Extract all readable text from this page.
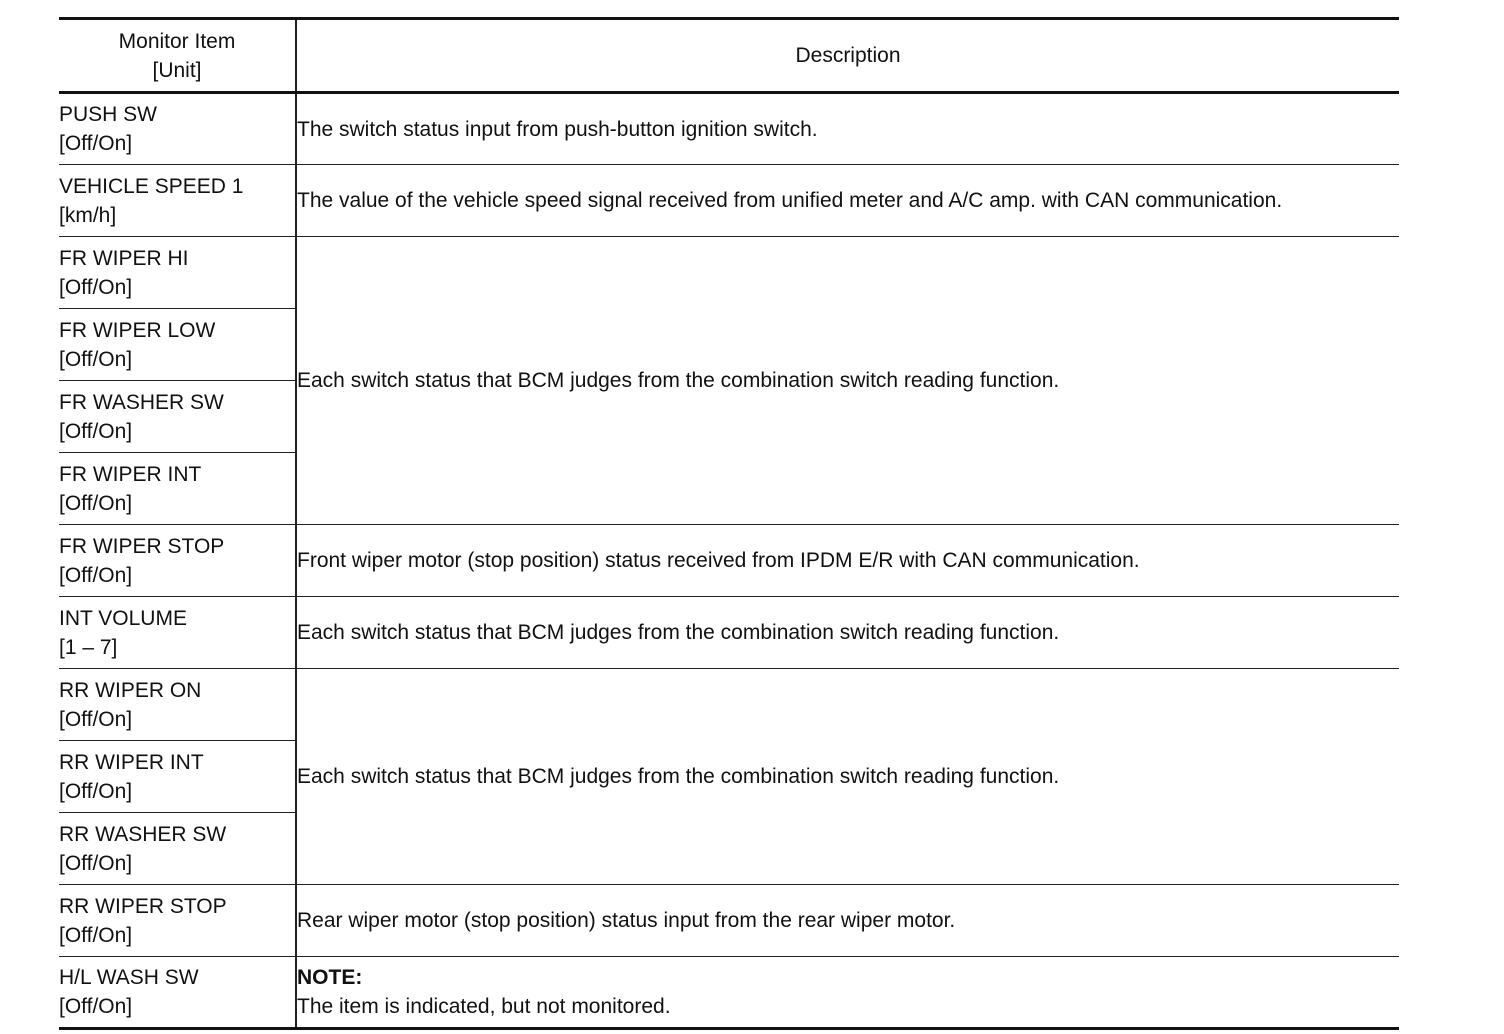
Monitor Item
[Unit]	Description

PUSH SW
[Off/On]	The switch status input from push-button ignition switch.

VEHICLE SPEED 1
[km/h]	The value of the vehicle speed signal received from unified meter and A/C amp. with CAN communication.

FR WIPER HI
[Off/On]	Each switch status that BCM judges from the combination switch reading function.

FR WIPER LOW
[Off/On]	

FR WASHER SW
[Off/On]	

FR WIPER INT
[Off/On]	

FR WIPER STOP
[Off/On]	Front wiper motor (stop position) status received from IPDM E/R with CAN communication.

INT VOLUME
[1 – 7]	Each switch status that BCM judges from the combination switch reading function.

RR WIPER ON
[Off/On]	Each switch status that BCM judges from the combination switch reading function.

RR WIPER INT
[Off/On]	

RR WASHER SW
[Off/On]	

RR WIPER STOP
[Off/On]	Rear wiper motor (stop position) status input from the rear wiper motor.

H/L WASH SW
[Off/On]	NOTE:
The item is indicated, but not monitored.
